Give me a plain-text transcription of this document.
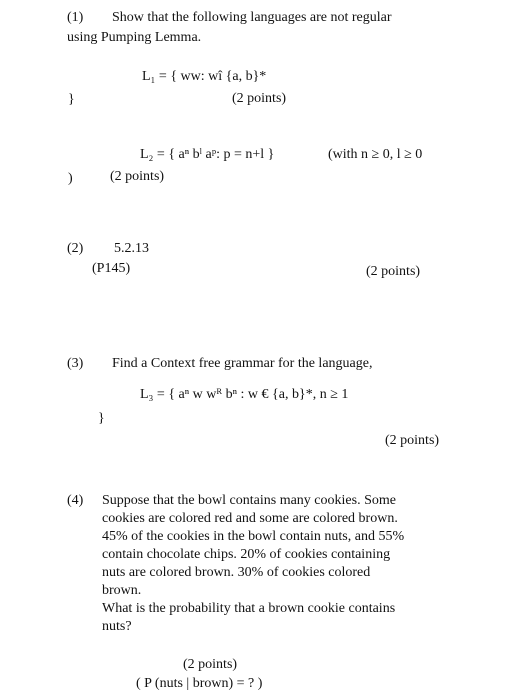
(1) Show that the following languages are not regular
using Pumping Lemma.
L₁ = { ww: wî {a, b}*
}	(2 points)
L₂ = { aⁿ bˡ aᵖ: p = n+l }	(with n ≥ 0, l ≥ 0
)	(2 points)
(2) 5.2.13
(P145)	(2 points)
(3) Find a Context free grammar for the language,
L₃ = { aⁿ w wᴿ bⁿ : w € {a, b}*, n ≥ 1
}
(2 points)
(4) Suppose that the bowl contains many cookies. Some
cookies are colored red and some are colored brown.
45% of the cookies in the bowl contain nuts, and 55%
contain chocolate chips. 20% of cookies containing
nuts are colored brown. 30% of cookies colored
brown.
What is the probability that a brown cookie contains
nuts?
(2 points)
( P (nuts | brown) = ? )
